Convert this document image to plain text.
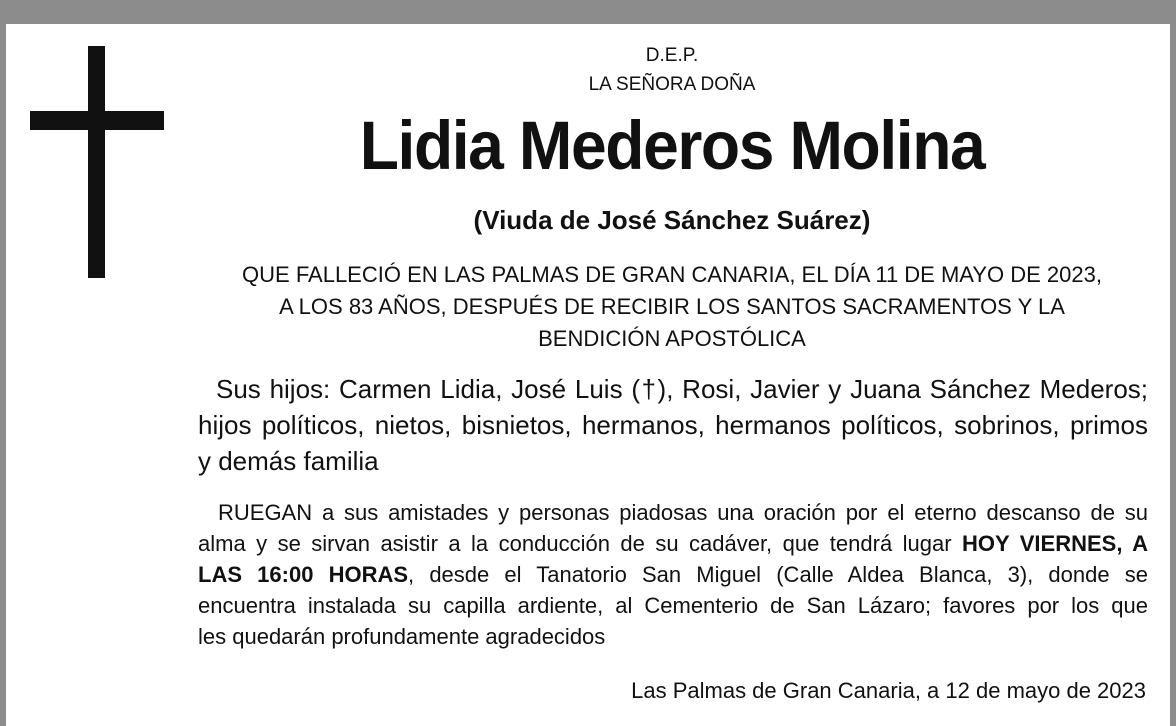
D.E.P.
LA SEÑORA DOÑA
Lidia Mederos Molina
(Viuda de José Sánchez Suárez)
QUE FALLECIÓ EN LAS PALMAS DE GRAN CANARIA, EL DÍA 11 DE MAYO DE 2023,
A LOS 83 AÑOS, DESPUÉS DE RECIBIR LOS SANTOS SACRAMENTOS Y LA
BENDICIÓN APOSTÓLICA
Sus hijos: Carmen Lidia, José Luis (†), Rosi, Javier y Juana Sánchez Mederos;
hijos políticos, nietos, bisnietos, hermanos, hermanos políticos, sobrinos, primos
y demás familia
RUEGAN a sus amistades y personas piadosas una oración por el eterno descanso de su
alma y se sirvan asistir a la conducción de su cadáver, que tendrá lugar HOY VIERNES, A
LAS 16:00 HORAS, desde el Tanatorio San Miguel (Calle Aldea Blanca, 3), donde se
encuentra instalada su capilla ardiente, al Cementerio de San Lázaro; favores por los que
les quedarán profundamente agradecidos
Las Palmas de Gran Canaria, a 12 de mayo de 2023
